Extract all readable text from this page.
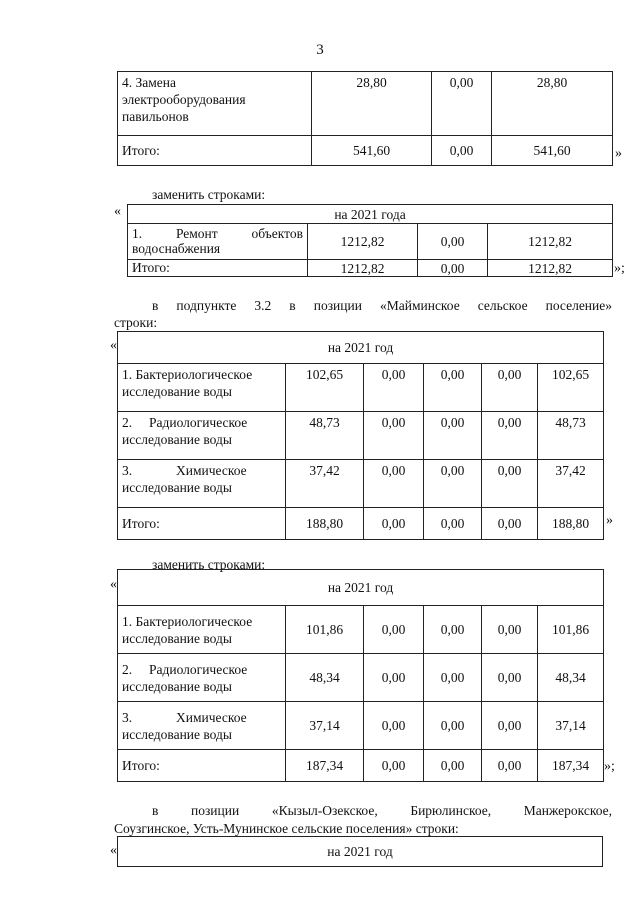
3
4. Замена
электрооборудования
павильонов	28,80	0,00	28,80
Итого:	541,60	0,00	541,60	»
заменить строками:
«	на 2021 года			

1. Ремонт объектов
водоснабжения	1212,82	0,00	1212,82
Итого:	1212,82	0,00	1212,82	»;
в подпункте 3.2 в позиции «Майминское сельское поселение»
строки:
«	на 2021 год					

1. Бактериологическое
исследование воды	102,65	0,00	0,00	0,00	102,65

2.     Радиологическое
исследование воды	48,73	0,00	0,00	0,00	48,73

3.             Химическое
исследование воды	37,42	0,00	0,00	0,00	37,42
Итого:	188,80	0,00	0,00	0,00	188,80 »
заменить строками:
«	на 2021 год					

1. Бактериологическое
исследование воды	101,86	0,00	0,00	0,00	101,86

2.     Радиологическое
исследование воды	48,34	0,00	0,00	0,00	48,34

3.             Химическое
исследование воды	37,14	0,00	0,00	0,00	37,14
Итого:	187,34	0,00	0,00	0,00	187,34 »;
в позиции «Кызыл-Озекское, Бирюлинское, Манжерокское,
Соузгинское, Усть-Мунинское сельские поселения» строки:
«	на 2021 год
